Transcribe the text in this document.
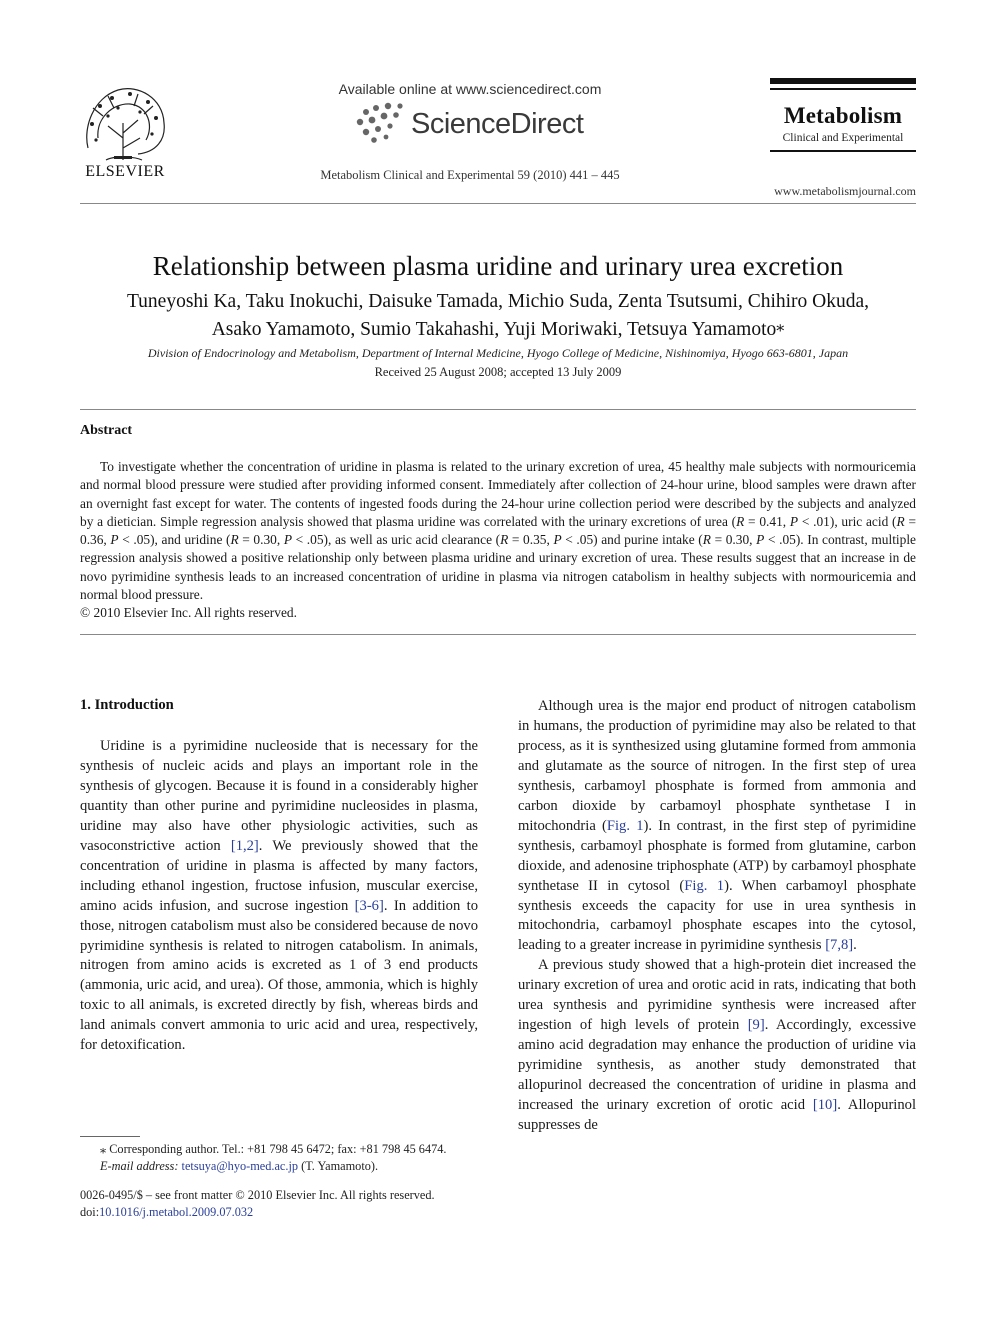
ELSEVIER
Available online at www.sciencedirect.com
ScienceDirect
Metabolism Clinical and Experimental 59 (2010) 441 – 445
Metabolism
Clinical and Experimental
www.metabolismjournal.com
Relationship between plasma uridine and urinary urea excretion
Tuneyoshi Ka, Taku Inokuchi, Daisuke Tamada, Michio Suda, Zenta Tsutsumi, Chihiro Okuda,
Asako Yamamoto, Sumio Takahashi, Yuji Moriwaki, Tetsuya Yamamoto⁎
Division of Endocrinology and Metabolism, Department of Internal Medicine, Hyogo College of Medicine, Nishinomiya, Hyogo 663-6801, Japan
Received 25 August 2008; accepted 13 July 2009
Abstract
To investigate whether the concentration of uridine in plasma is related to the urinary excretion of urea, 45 healthy male subjects with normouricemia and normal blood pressure were studied after providing informed consent. Immediately after collection of 24-hour urine, blood samples were drawn after an overnight fast except for water. The contents of ingested foods during the 24-hour urine collection period were described by the subjects and analyzed by a dietician. Simple regression analysis showed that plasma uridine was correlated with the urinary excretions of urea (R = 0.41, P < .01), uric acid (R = 0.36, P < .05), and uridine (R = 0.30, P < .05), as well as uric acid clearance (R = 0.35, P < .05) and purine intake (R = 0.30, P < .05). In contrast, multiple regression analysis showed a positive relationship only between plasma uridine and urinary excretion of urea. These results suggest that an increase in de novo pyrimidine synthesis leads to an increased concentration of uridine in plasma via nitrogen catabolism in healthy subjects with normouricemia and normal blood pressure.
© 2010 Elsevier Inc. All rights reserved.
1. Introduction

Uridine is a pyrimidine nucleoside that is necessary for the synthesis of nucleic acids and plays an important role in the synthesis of glycogen. Because it is found in a considerably higher quantity than other purine and pyrimidine nucleosides in plasma, uridine may also have other physiologic activities, such as vasoconstrictive action [1,2]. We previously showed that the concentration of uridine in plasma is affected by many factors, including ethanol ingestion, fructose infusion, muscular exercise, amino acids infusion, and sucrose ingestion [3-6]. In addition to those, nitrogen catabolism must also be considered because de novo pyrimidine synthesis is related to nitrogen catabolism. In animals, nitrogen from amino acids is excreted as 1 of 3 end products (ammonia, uric acid, and urea). Of those, ammonia, which is highly toxic to all animals, is excreted directly by fish, whereas birds and land animals convert ammonia to uric acid and urea, respectively, for detoxification.

Although urea is the major end product of nitrogen catabolism in humans, the production of pyrimidine may also be related to that process, as it is synthesized using glutamine formed from ammonia and glutamate as the source of nitrogen. In the first step of urea synthesis, carbamoyl phosphate is formed from ammonia and carbon dioxide by carbamoyl phosphate synthetase I in mitochondria (Fig. 1). In contrast, in the first step of pyrimidine synthesis, carbamoyl phosphate is formed from glutamine, carbon dioxide, and adenosine triphosphate (ATP) by carbamoyl phosphate synthetase II in cytosol (Fig. 1). When carbamoyl phosphate synthesis exceeds the capacity for use in urea synthesis in mitochondria, carbamoyl phosphate escapes into the cytosol, leading to a greater increase in pyrimidine synthesis [7,8].

A previous study showed that a high-protein diet increased the urinary excretion of urea and orotic acid in rats, indicating that both urea synthesis and pyrimidine synthesis were increased after ingestion of high levels of protein [9]. Accordingly, excessive amino acid degradation may enhance the production of uridine via pyrimidine synthesis, as another study demonstrated that allopurinol decreased the concentration of uridine in plasma and increased the urinary excretion of orotic acid [10]. Allopurinol suppresses de

⁎ Corresponding author. Tel.: +81 798 45 6472; fax: +81 798 45 6474.
E-mail address: tetsuya@hyo-med.ac.jp (T. Yamamoto).
0026-0495/$ – see front matter © 2010 Elsevier Inc. All rights reserved.
doi:10.1016/j.metabol.2009.07.032
